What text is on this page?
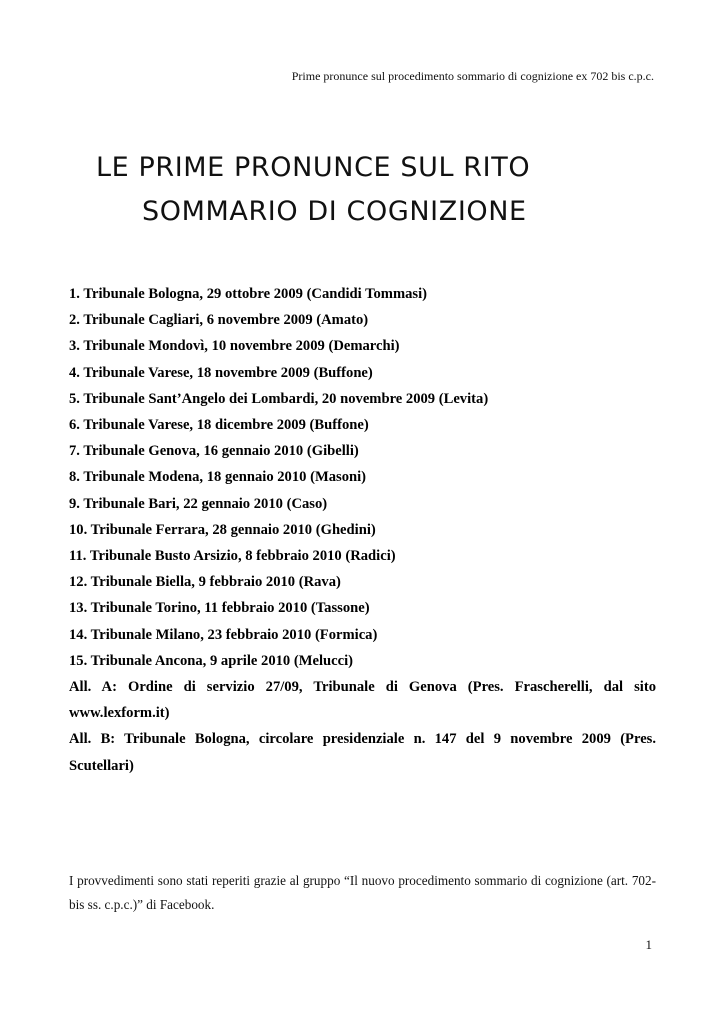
Prime pronunce sul procedimento sommario di cognizione ex 702 bis c.p.c.
LE PRIME PRONUNCE SUL RITO
SOMMARIO DI COGNIZIONE
1. Tribunale Bologna, 29 ottobre 2009 (Candidi Tommasi)
2. Tribunale Cagliari, 6 novembre 2009 (Amato)
3. Tribunale Mondovì, 10 novembre 2009 (Demarchi)
4. Tribunale Varese, 18 novembre 2009 (Buffone)
5. Tribunale Sant’Angelo dei Lombardi, 20 novembre 2009 (Levita)
6. Tribunale Varese, 18 dicembre 2009 (Buffone)
7. Tribunale Genova, 16 gennaio 2010 (Gibelli)
8. Tribunale Modena, 18 gennaio 2010 (Masoni)
9. Tribunale Bari, 22 gennaio 2010 (Caso)
10. Tribunale Ferrara, 28 gennaio 2010 (Ghedini)
11. Tribunale Busto Arsizio, 8 febbraio 2010 (Radici)
12. Tribunale Biella, 9 febbraio 2010 (Rava)
13. Tribunale Torino, 11 febbraio 2010 (Tassone)
14. Tribunale Milano, 23 febbraio 2010 (Formica)
15. Tribunale Ancona, 9 aprile 2010 (Melucci)
All. A: Ordine di servizio 27/09, Tribunale di Genova (Pres. Frascherelli, dal sito www.lexform.it)
All. B: Tribunale Bologna, circolare presidenziale n. 147 del 9 novembre 2009 (Pres. Scutellari)
I provvedimenti sono stati reperiti grazie al gruppo “Il nuovo procedimento sommario di cognizione (art. 702-bis ss. c.p.c.)” di Facebook.
1
